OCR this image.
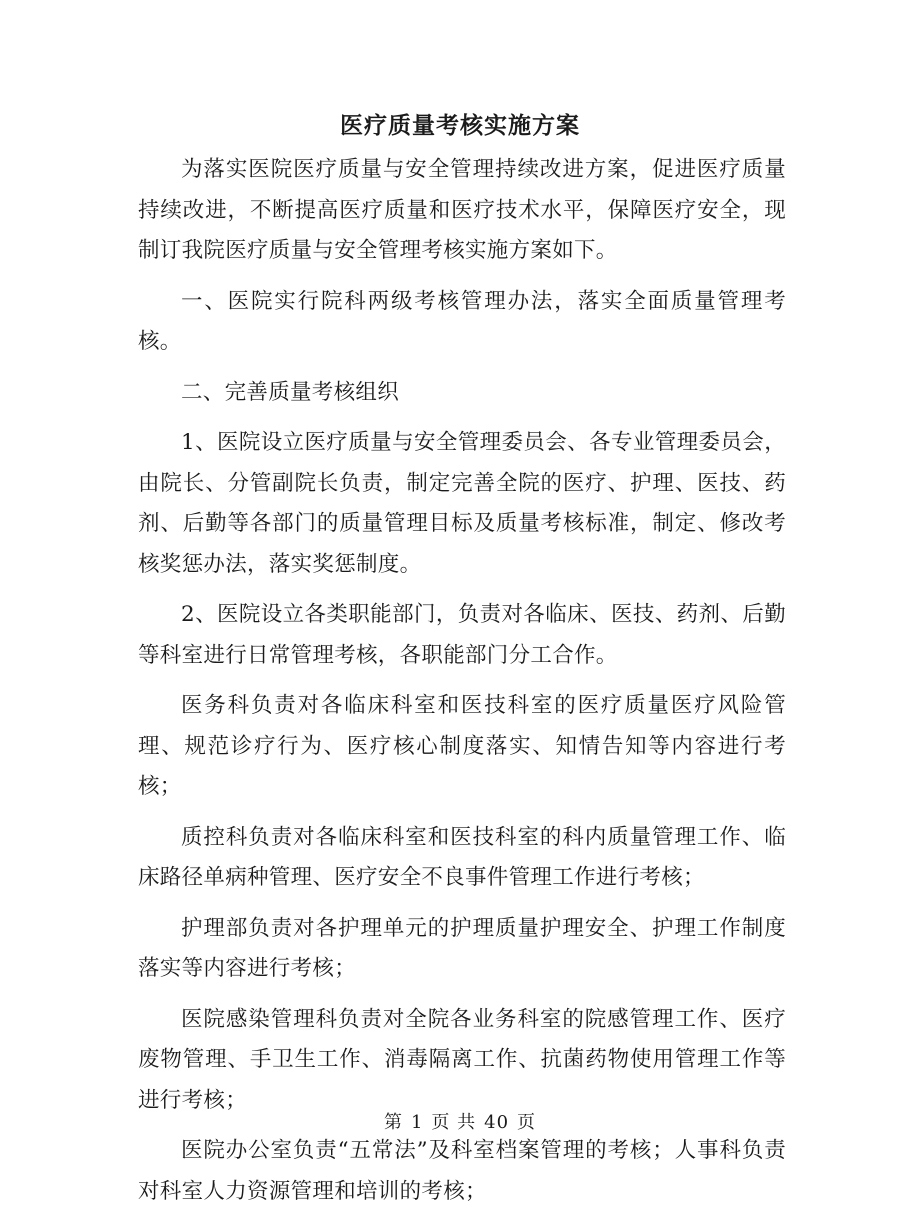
医疗质量考核实施方案

为落实医院医疗质量与安全管理持续改进方案，促进医疗质量持续改进，不断提高医疗质量和医疗技术水平，保障医疗安全，现制订我院医疗质量与安全管理考核实施方案如下。

一、医院实行院科两级考核管理办法，落实全面质量管理考核。

二、完善质量考核组织

1、医院设立医疗质量与安全管理委员会、各专业管理委员会，由院长、分管副院长负责，制定完善全院的医疗、护理、医技、药剂、后勤等各部门的质量管理目标及质量考核标准，制定、修改考核奖惩办法，落实奖惩制度。

2、医院设立各类职能部门，负责对各临床、医技、药剂、后勤等科室进行日常管理考核，各职能部门分工合作。

医务科负责对各临床科室和医技科室的医疗质量医疗风险管理、规范诊疗行为、医疗核心制度落实、知情告知等内容进行考核；

质控科负责对各临床科室和医技科室的科内质量管理工作、临床路径单病种管理、医疗安全不良事件管理工作进行考核；

护理部负责对各护理单元的护理质量护理安全、护理工作制度落实等内容进行考核；

医院感染管理科负责对全院各业务科室的院感管理工作、医疗废物管理、手卫生工作、消毒隔离工作、抗菌药物使用管理工作等进行考核；

医院办公室负责“五常法”及科室档案管理的考核；人事科负责对科室人力资源管理和培训的考核；

第 1 页 共 40 页
